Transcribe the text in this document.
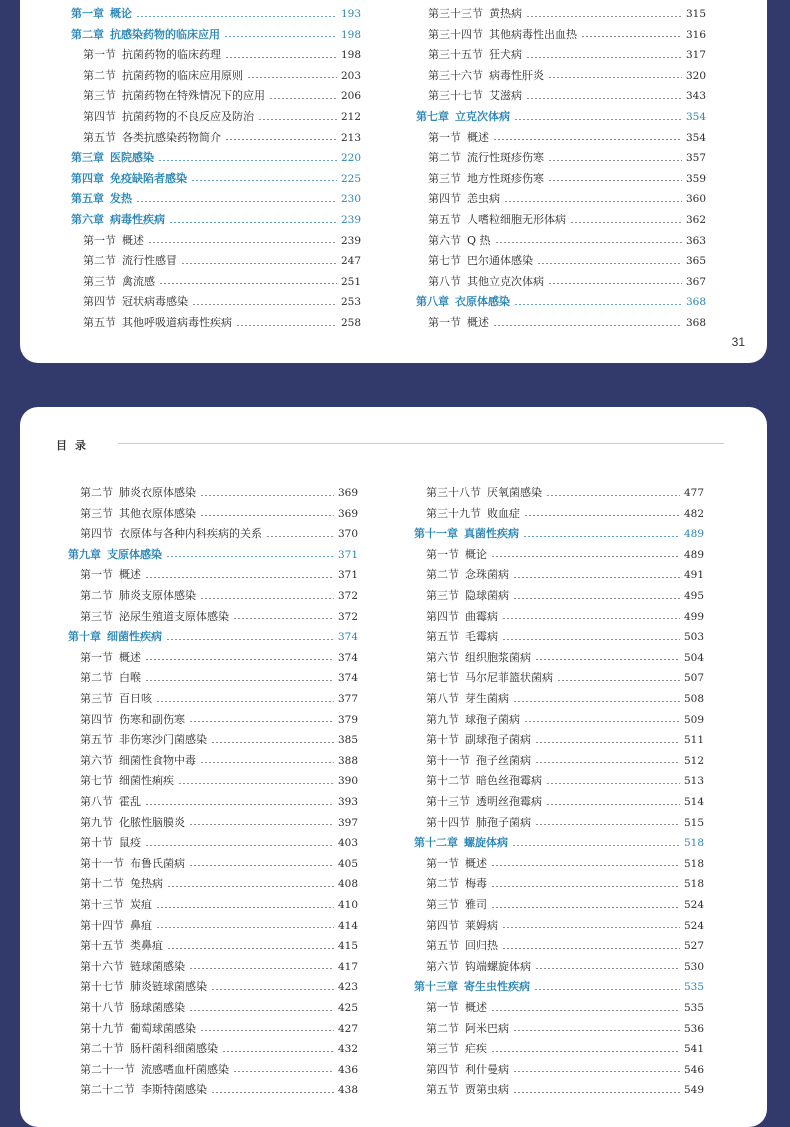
第一章 概论	193
第二章 抗感染药物的临床应用	198
第一节 抗菌药物的临床药理	198
第二节 抗菌药物的临床应用原则	203
第三节 抗菌药物在特殊情况下的应用	206
第四节 抗菌药物的不良反应及防治	212
第五节 各类抗感染药物简介	213
第三章 医院感染	220
第四章 免疫缺陷者感染	225
第五章 发热	230
第六章 病毒性疾病	239
第一节 概述	239
第二节 流行性感冒	247
第三节 禽流感	251
第四节 冠状病毒感染	253
第五节 其他呼吸道病毒性疾病	258
第三十三节 黄热病	315
第三十四节 其他病毒性出血热	316
第三十五节 狂犬病	317
第三十六节 病毒性肝炎	320
第三十七节 艾滋病	343
第七章 立克次体病	354
第一节 概述	354
第二节 流行性斑疹伤寒	357
第三节 地方性斑疹伤寒	359
第四节 恙虫病	360
第五节 人嗜粒细胞无形体病	362
第六节 Q 热	363
第七节 巴尔通体感染	365
第八节 其他立克次体病	367
第八章 衣原体感染	368
第一节 概述	368
31
目录
第二节 肺炎衣原体感染	369
第三节 其他衣原体感染	369
第四节 衣原体与各种内科疾病的关系	370
第九章 支原体感染	371
第一节 概述	371
第二节 肺炎支原体感染	372
第三节 泌尿生殖道支原体感染	372
第十章 细菌性疾病	374
第一节 概述	374
第二节 白喉	374
第三节 百日咳	377
第四节 伤寒和副伤寒	379
第五节 非伤寒沙门菌感染	385
第六节 细菌性食物中毒	388
第七节 细菌性痢疾	390
第八节 霍乱	393
第九节 化脓性脑膜炎	397
第十节 鼠疫	403
第十一节 布鲁氏菌病	405
第十二节 兔热病	408
第十三节 炭疽	410
第十四节 鼻疽	414
第十五节 类鼻疽	415
第十六节 链球菌感染	417
第十七节 肺炎链球菌感染	423
第十八节 肠球菌感染	425
第十九节 葡萄球菌感染	427
第二十节 肠杆菌科细菌感染	432
第二十一节 流感嗜血杆菌感染	436
第二十二节 李斯特菌感染	438
第三十八节 厌氧菌感染	477
第三十九节 败血症	482
第十一章 真菌性疾病	489
第一节 概论	489
第二节 念珠菌病	491
第三节 隐球菌病	495
第四节 曲霉病	499
第五节 毛霉病	503
第六节 组织胞浆菌病	504
第七节 马尔尼菲篮状菌病	507
第八节 芽生菌病	508
第九节 球孢子菌病	509
第十节 副球孢子菌病	511
第十一节 孢子丝菌病	512
第十二节 暗色丝孢霉病	513
第十三节 透明丝孢霉病	514
第十四节 肺孢子菌病	515
第十二章 螺旋体病	518
第一节 概述	518
第二节 梅毒	518
第三节 雅司	524
第四节 莱姆病	524
第五节 回归热	527
第六节 钩端螺旋体病	530
第十三章 寄生虫性疾病	535
第一节 概述	535
第二节 阿米巴病	536
第三节 疟疾	541
第四节 利什曼病	546
第五节 贾第虫病	549
